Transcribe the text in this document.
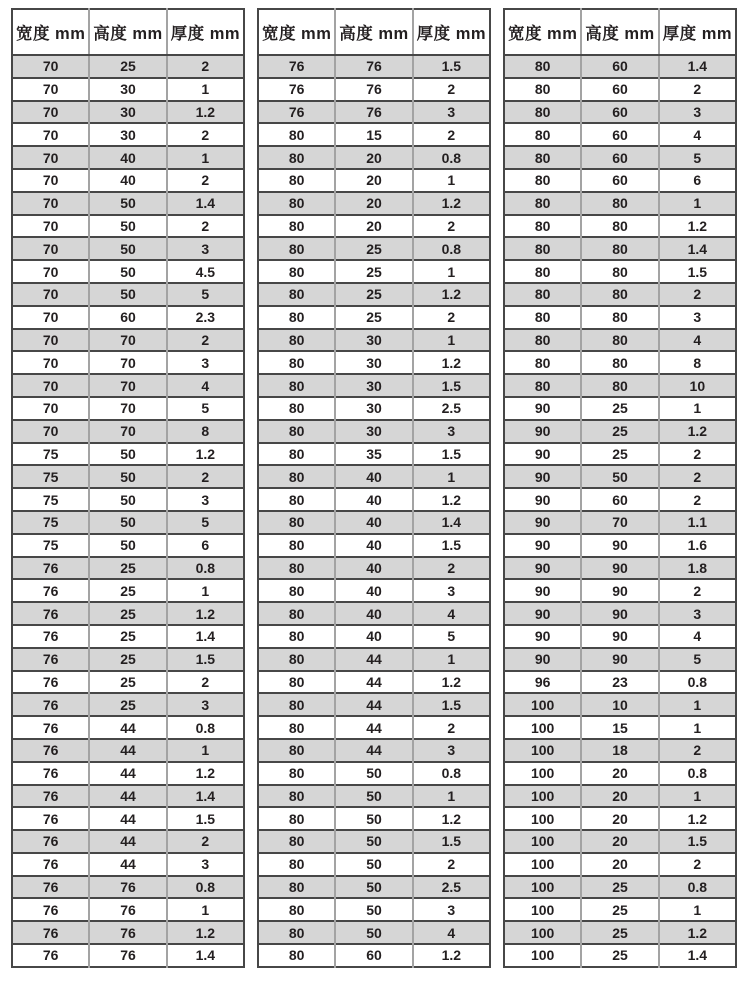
宽度 mm	高度 mm	厚度 mm
70	25	2
70	30	1
70	30	1.2
70	30	2
70	40	1
70	40	2
70	50	1.4
70	50	2
70	50	3
70	50	4.5
70	50	5
70	60	2.3
70	70	2
70	70	3
70	70	4
70	70	5
70	70	8
75	50	1.2
75	50	2
75	50	3
75	50	5
75	50	6
76	25	0.8
76	25	1
76	25	1.2
76	25	1.4
76	25	1.5
76	25	2
76	25	3
76	44	0.8
76	44	1
76	44	1.2
76	44	1.4
76	44	1.5
76	44	2
76	44	3
76	76	0.8
76	76	1
76	76	1.2
76	76	1.4
宽度 mm	高度 mm	厚度 mm
76	76	1.5
76	76	2
76	76	3
80	15	2
80	20	0.8
80	20	1
80	20	1.2
80	20	2
80	25	0.8
80	25	1
80	25	1.2
80	25	2
80	30	1
80	30	1.2
80	30	1.5
80	30	2.5
80	30	3
80	35	1.5
80	40	1
80	40	1.2
80	40	1.4
80	40	1.5
80	40	2
80	40	3
80	40	4
80	40	5
80	44	1
80	44	1.2
80	44	1.5
80	44	2
80	44	3
80	50	0.8
80	50	1
80	50	1.2
80	50	1.5
80	50	2
80	50	2.5
80	50	3
80	50	4
80	60	1.2
宽度 mm	高度 mm	厚度 mm
80	60	1.4
80	60	2
80	60	3
80	60	4
80	60	5
80	60	6
80	80	1
80	80	1.2
80	80	1.4
80	80	1.5
80	80	2
80	80	3
80	80	4
80	80	8
80	80	10
90	25	1
90	25	1.2
90	25	2
90	50	2
90	60	2
90	70	1.1
90	90	1.6
90	90	1.8
90	90	2
90	90	3
90	90	4
90	90	5
96	23	0.8
100	10	1
100	15	1
100	18	2
100	20	0.8
100	20	1
100	20	1.2
100	20	1.5
100	20	2
100	25	0.8
100	25	1
100	25	1.2
100	25	1.4
